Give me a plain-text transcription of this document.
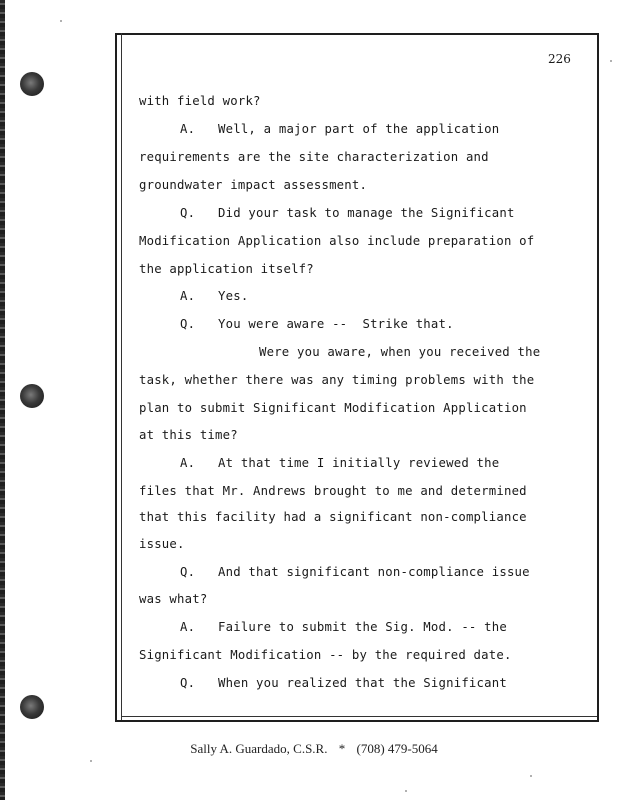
226
with field work?
A.   Well, a major part of the application
requirements are the site characterization and
groundwater impact assessment.
Q.   Did your task to manage the Significant
Modification Application also include preparation of
the application itself?
A.   Yes.
Q.   You were aware --  Strike that.
Were you aware, when you received the
task, whether there was any timing problems with the
plan to submit Significant Modification Application
at this time?
A.   At that time I initially reviewed the
files that Mr. Andrews brought to me and determined
that this facility had a significant non-compliance
issue.
Q.   And that significant non-compliance issue
was what?
A.   Failure to submit the Sig. Mod. -- the
Significant Modification -- by the required date.
Q.   When you realized that the Significant
Sally A. Guardado, C.S.R. * (708) 479-5064
